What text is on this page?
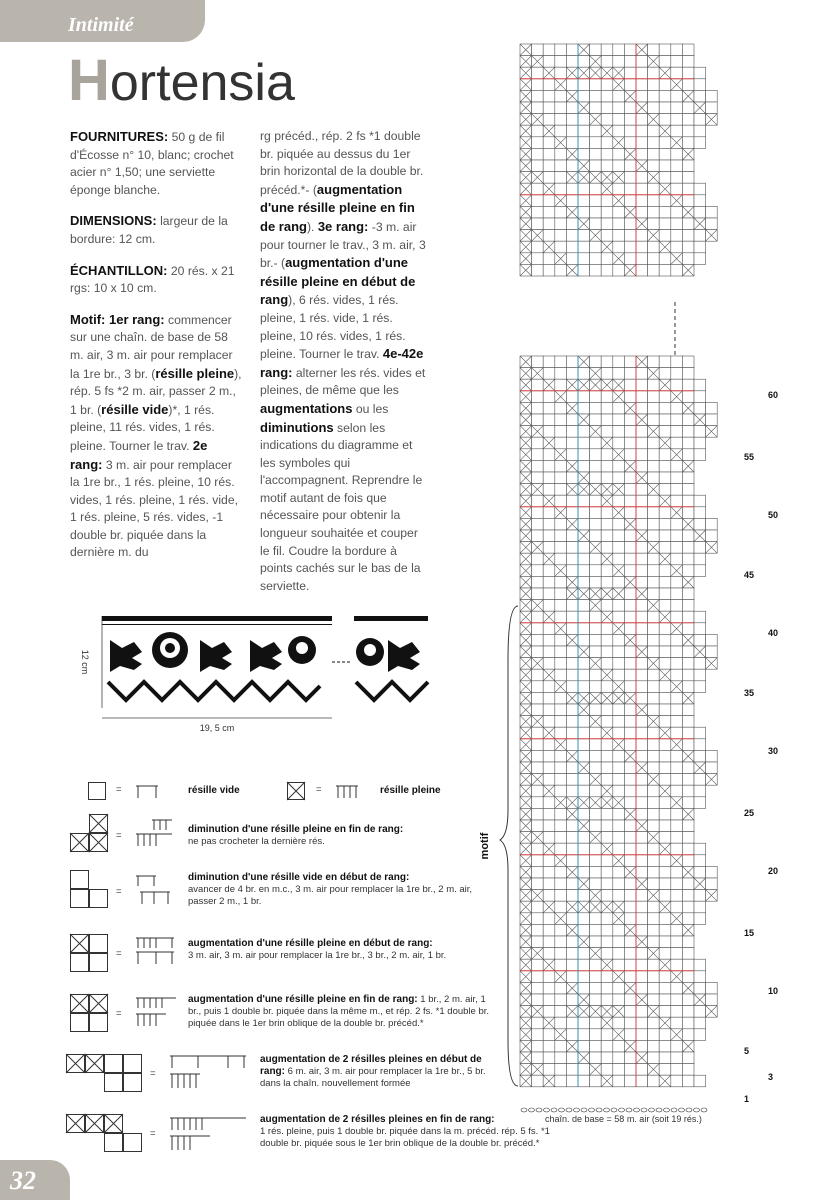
Intimité

Hortensia

FOURNITURES: 50 g de fil d'Écosse n° 10, blanc; crochet acier n° 1,50; une serviette éponge blanche.

DIMENSIONS: largeur de la bordure: 12 cm.

ÉCHANTILLON: 20 rés. x 21 rgs: 10 x 10 cm.

Motif: 1er rang: commencer sur une chaîn. de base de 58 m. air, 3 m. air pour remplacer la 1re br., 3 br. (résille pleine), rép. 5 fs *2 m. air, passer 2 m., 1 br. (résille vide)*, 1 rés. pleine, 11 rés. vides, 1 rés. pleine. Tourner le trav. 2e rang: 3 m. air pour remplacer la 1re br., 1 rés. pleine, 10 rés. vides, 1 rés. pleine, 1 rés. vide, 1 rés. pleine, 5 rés. vides, -1 double br. piquée dans la dernière m. du

rg précéd., rép. 2 fs *1 double br. piquée au dessus du 1er brin horizontal de la double br. précéd.*- (augmentation d'une résille pleine en fin de rang). 3e rang: -3 m. air pour tourner le trav., 3 m. air, 3 br.- (augmentation d'une résille pleine en début de rang), 6 rés. vides, 1 rés. pleine, 1 rés. vide, 1 rés. pleine, 10 rés. vides, 1 rés. pleine. Tourner le trav. 4e-42e rang: alterner les rés. vides et pleines, de même que les augmentations ou les diminutions selon les indications du diagramme et les symboles qui l'accompagnent. Reprendre le motif autant de fois que nécessaire pour obtenir la longueur souhaitée et couper le fil. Coudre la bordure à points cachés sur le bas de la serviette.

12 cm
19, 5 cm
=	résille vide	=	résille pleine
=
diminution d'une résille pleine en fin de rang:
ne pas crocheter la dernière rés.
=
diminution d'une résille vide en début de rang:
avancer de 4 br. en m.c., 3 m. air pour remplacer la 1re br., 2 m. air, passer 2 m., 1 br.
=
augmentation d'une résille pleine en début de rang:
3 m. air, 3 m. air pour remplacer la 1re br., 3 br., 2 m. air, 1 br.
=
augmentation d'une résille pleine en fin de rang: 1 br., 2 m. air, 1 br., puis 1 double br. piquée dans la même m., et rép. 2 fs. *1 double br. piquée dans le 1er brin oblique de la double br. précéd.*
=
augmentation de 2 résilles pleines en début de rang: 6 m. air, 3 m. air pour remplacer la 1re br., 5 br. dans la chaîn. nouvellement formée
=
augmentation de 2 résilles pleines en fin de rang:
1 rés. pleine, puis 1 double br. piquée dans la m. précéd. rép. 5 fs. *1 double br. piquée sous le 1er brin oblique de la double br. précéd.*
motif
60
55
50
45
40
35
30
25
20
15
10
5
3
1
chaîn. de base = 58 m. air (soit 19 rés.)
32
